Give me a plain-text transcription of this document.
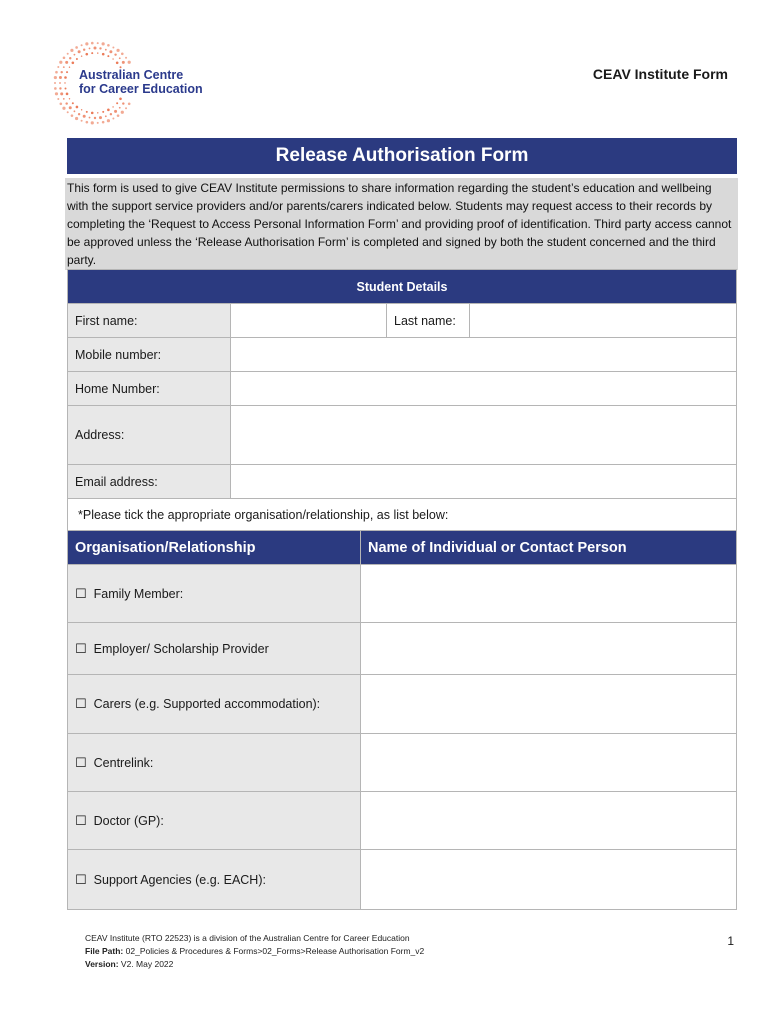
Australian Centre
for Career Education
CEAV Institute Form
Release Authorisation Form
This form is used to give CEAV Institute permissions to share information regarding the student’s education and wellbeing with the support service providers and/or parents/carers indicated below. Students may request access to their records by completing the ‘Request to Access Personal Information Form’ and providing proof of identification. Third party access cannot be approved unless the ‘Release Authorisation Form’ is completed and signed by both the student concerned and the third party.
Student Details			
First name:		Last name:	
Mobile number:			
Home Number:			
Address:			
Email address:			
*Please tick the appropriate organisation/relationship, as list below:			
Organisation/Relationship	Name of Individual or Contact Person
☐ Family Member:	
☐ Employer/ Scholarship Provider	
☐ Carers (e.g. Supported accommodation):	
☐ Centrelink:	
☐ Doctor (GP):	
☐ Support Agencies (e.g. EACH):	
CEAV Institute (RTO 22523) is a division of the Australian Centre for Career Education
File Path: 02_Policies & Procedures & Forms>02_Forms>Release Authorisation Form_v2
Version: V2. May 2022
1
